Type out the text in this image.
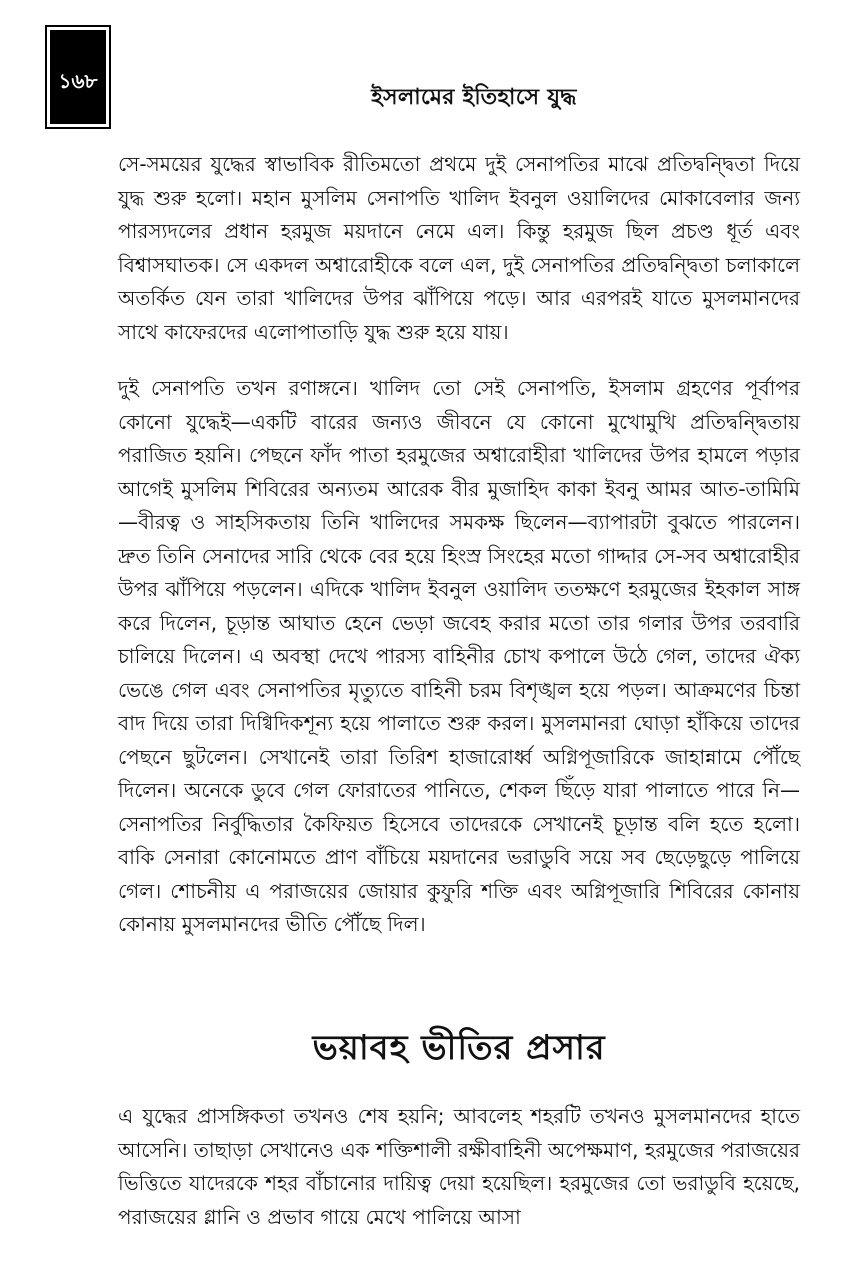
১৬৮
ইসলামের ইতিহাসে যুদ্ধ

সে-সময়ের যুদ্ধের স্বাভাবিক রীতিমতো প্রথমে দুই সেনাপতির মাঝে প্রতিদ্বন্দ্বিতা দিয়ে যুদ্ধ শুরু হলো। মহান মুসলিম সেনাপতি খালিদ ইবনুল ওয়ালিদের মোকাবেলার জন্য পারস্যদলের প্রধান হরমুজ ময়দানে নেমে এল। কিন্তু হরমুজ ছিল প্রচণ্ড ধূর্ত এবং বিশ্বাসঘাতক। সে একদল অশ্বারোহীকে বলে এল, দুই সেনাপতির প্রতিদ্বন্দ্বিতা চলাকালে অতর্কিত যেন তারা খালিদের উপর ঝাঁপিয়ে পড়ে। আর এরপরই যাতে মুসলমানদের সাথে কাফেরদের এলোপাতাড়ি যুদ্ধ শুরু হয়ে যায়।

দুই সেনাপতি তখন রণাঙ্গনে। খালিদ তো সেই সেনাপতি, ইসলাম গ্রহণের পূর্বাপর কোনো যুদ্ধেই—একটি বারের জন্যও জীবনে যে কোনো মুখোমুখি প্রতিদ্বন্দ্বিতায় পরাজিত হয়নি। পেছনে ফাঁদ পাতা হরমুজের অশ্বারোহীরা খালিদের উপর হামলে পড়ার আগেই মুসলিম শিবিরের অন্যতম আরেক বীর মুজাহিদ কাকা ইবনু আমর আত-তামিমি—বীরত্ব ও সাহসিকতায় তিনি খালিদের সমকক্ষ ছিলেন—ব্যাপারটা বুঝতে পারলেন। দ্রুত তিনি সেনাদের সারি থেকে বের হয়ে হিংস্র সিংহের মতো গাদ্দার সে-সব অশ্বারোহীর উপর ঝাঁপিয়ে পড়লেন। এদিকে খালিদ ইবনুল ওয়ালিদ ততক্ষণে হরমুজের ইহকাল সাঙ্গ করে দিলেন, চূড়ান্ত আঘাত হেনে ভেড়া জবেহ করার মতো তার গলার উপর তরবারি চালিয়ে দিলেন। এ অবস্থা দেখে পারস্য বাহিনীর চোখ কপালে উঠে গেল, তাদের ঐক্য ভেঙে গেল এবং সেনাপতির মৃত্যুতে বাহিনী চরম বিশৃঙ্খল হয়ে পড়ল। আক্রমণের চিন্তা বাদ দিয়ে তারা দিগ্বিদিকশূন্য হয়ে পালাতে শুরু করল। মুসলমানরা ঘোড়া হাঁকিয়ে তাদের পেছনে ছুটলেন। সেখানেই তারা তিরিশ হাজারোর্ধ্ব অগ্নিপূজারিকে জাহান্নামে পৌঁছে দিলেন। অনেকে ডুবে গেল ফোরাতের পানিতে, শেকল ছিঁড়ে যারা পালাতে পারে নি—সেনাপতির নির্বুদ্ধিতার কৈফিয়ত হিসেবে তাদেরকে সেখানেই চূড়ান্ত বলি হতে হলো। বাকি সেনারা কোনোমতে প্রাণ বাঁচিয়ে ময়দানের ভরাডুবি সয়ে সব ছেড়েছুড়ে পালিয়ে গেল। শোচনীয় এ পরাজয়ের জোয়ার কুফুরি শক্তি এবং অগ্নিপূজারি শিবিরের কোনায় কোনায় মুসলমানদের ভীতি পৌঁছে দিল।

ভয়াবহ ভীতির প্রসার

এ যুদ্ধের প্রাসঙ্গিকতা তখনও শেষ হয়নি; আবলেহ শহরটি তখনও মুসলমানদের হাতে আসেনি। তাছাড়া সেখানেও এক শক্তিশালী রক্ষীবাহিনী অপেক্ষমাণ, হরমুজের পরাজয়ের ভিত্তিতে যাদেরকে শহর বাঁচানোর দায়িত্ব দেয়া হয়েছিল। হরমুজের তো ভরাডুবি হয়েছে, পরাজয়ের গ্লানি ও প্রভাব গায়ে মেখে পালিয়ে আসা
